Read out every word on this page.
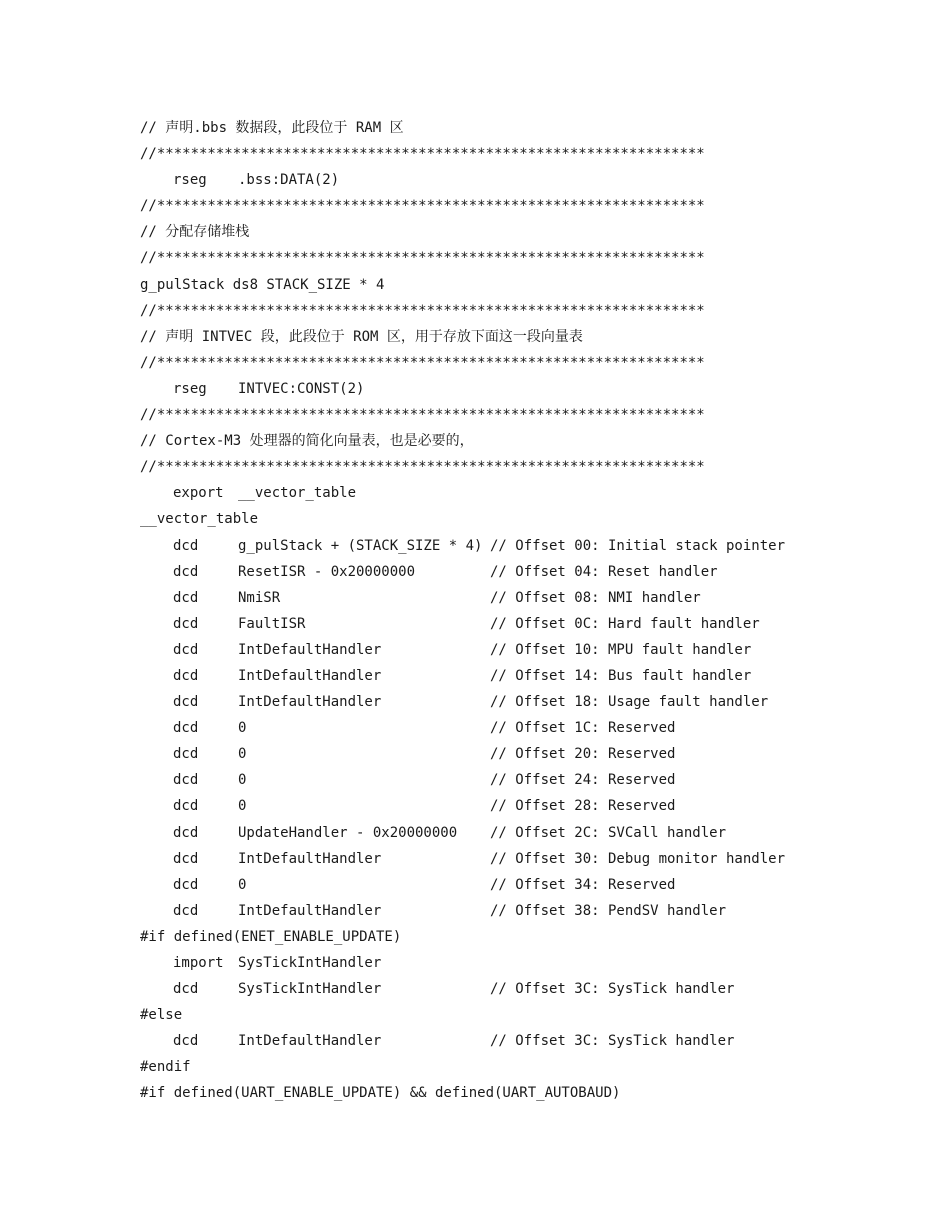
// 声明.bbs 数据段，此段位于 RAM 区
//*****************************************************************
rseg .bss:DATA(2)
//*****************************************************************
// 分配存储堆栈
//*****************************************************************
g_pulStack ds8 STACK_SIZE * 4
//*****************************************************************
// 声明 INTVEC 段，此段位于 ROM 区，用于存放下面这一段向量表
//*****************************************************************
rseg INTVEC:CONST(2)
//*****************************************************************
// Cortex-M3 处理器的简化向量表，也是必要的，
//*****************************************************************
export __vector_table
__vector_table
dcd	g_pulStack + (STACK_SIZE * 4) // Offset 00: Initial stack pointer
dcd	ResetISR - 0x20000000	// Offset 04: Reset handler
dcd	NmiSR	// Offset 08: NMI handler
dcd	FaultISR	// Offset 0C: Hard fault handler
dcd	IntDefaultHandler	// Offset 10: MPU fault handler
dcd	IntDefaultHandler	// Offset 14: Bus fault handler
dcd	IntDefaultHandler	// Offset 18: Usage fault handler
dcd	0	// Offset 1C: Reserved
dcd	0	// Offset 20: Reserved
dcd	0	// Offset 24: Reserved
dcd	0	// Offset 28: Reserved
dcd	UpdateHandler - 0x20000000 // Offset 2C: SVCall handler
dcd	IntDefaultHandler	// Offset 30: Debug monitor handler
dcd	0	// Offset 34: Reserved
dcd	IntDefaultHandler	// Offset 38: PendSV handler
#if defined(ENET_ENABLE_UPDATE)
import SysTickIntHandler
dcd	SysTickIntHandler	// Offset 3C: SysTick handler
#else
dcd	IntDefaultHandler	// Offset 3C: SysTick handler
#endif
#if defined(UART_ENABLE_UPDATE) && defined(UART_AUTOBAUD)
